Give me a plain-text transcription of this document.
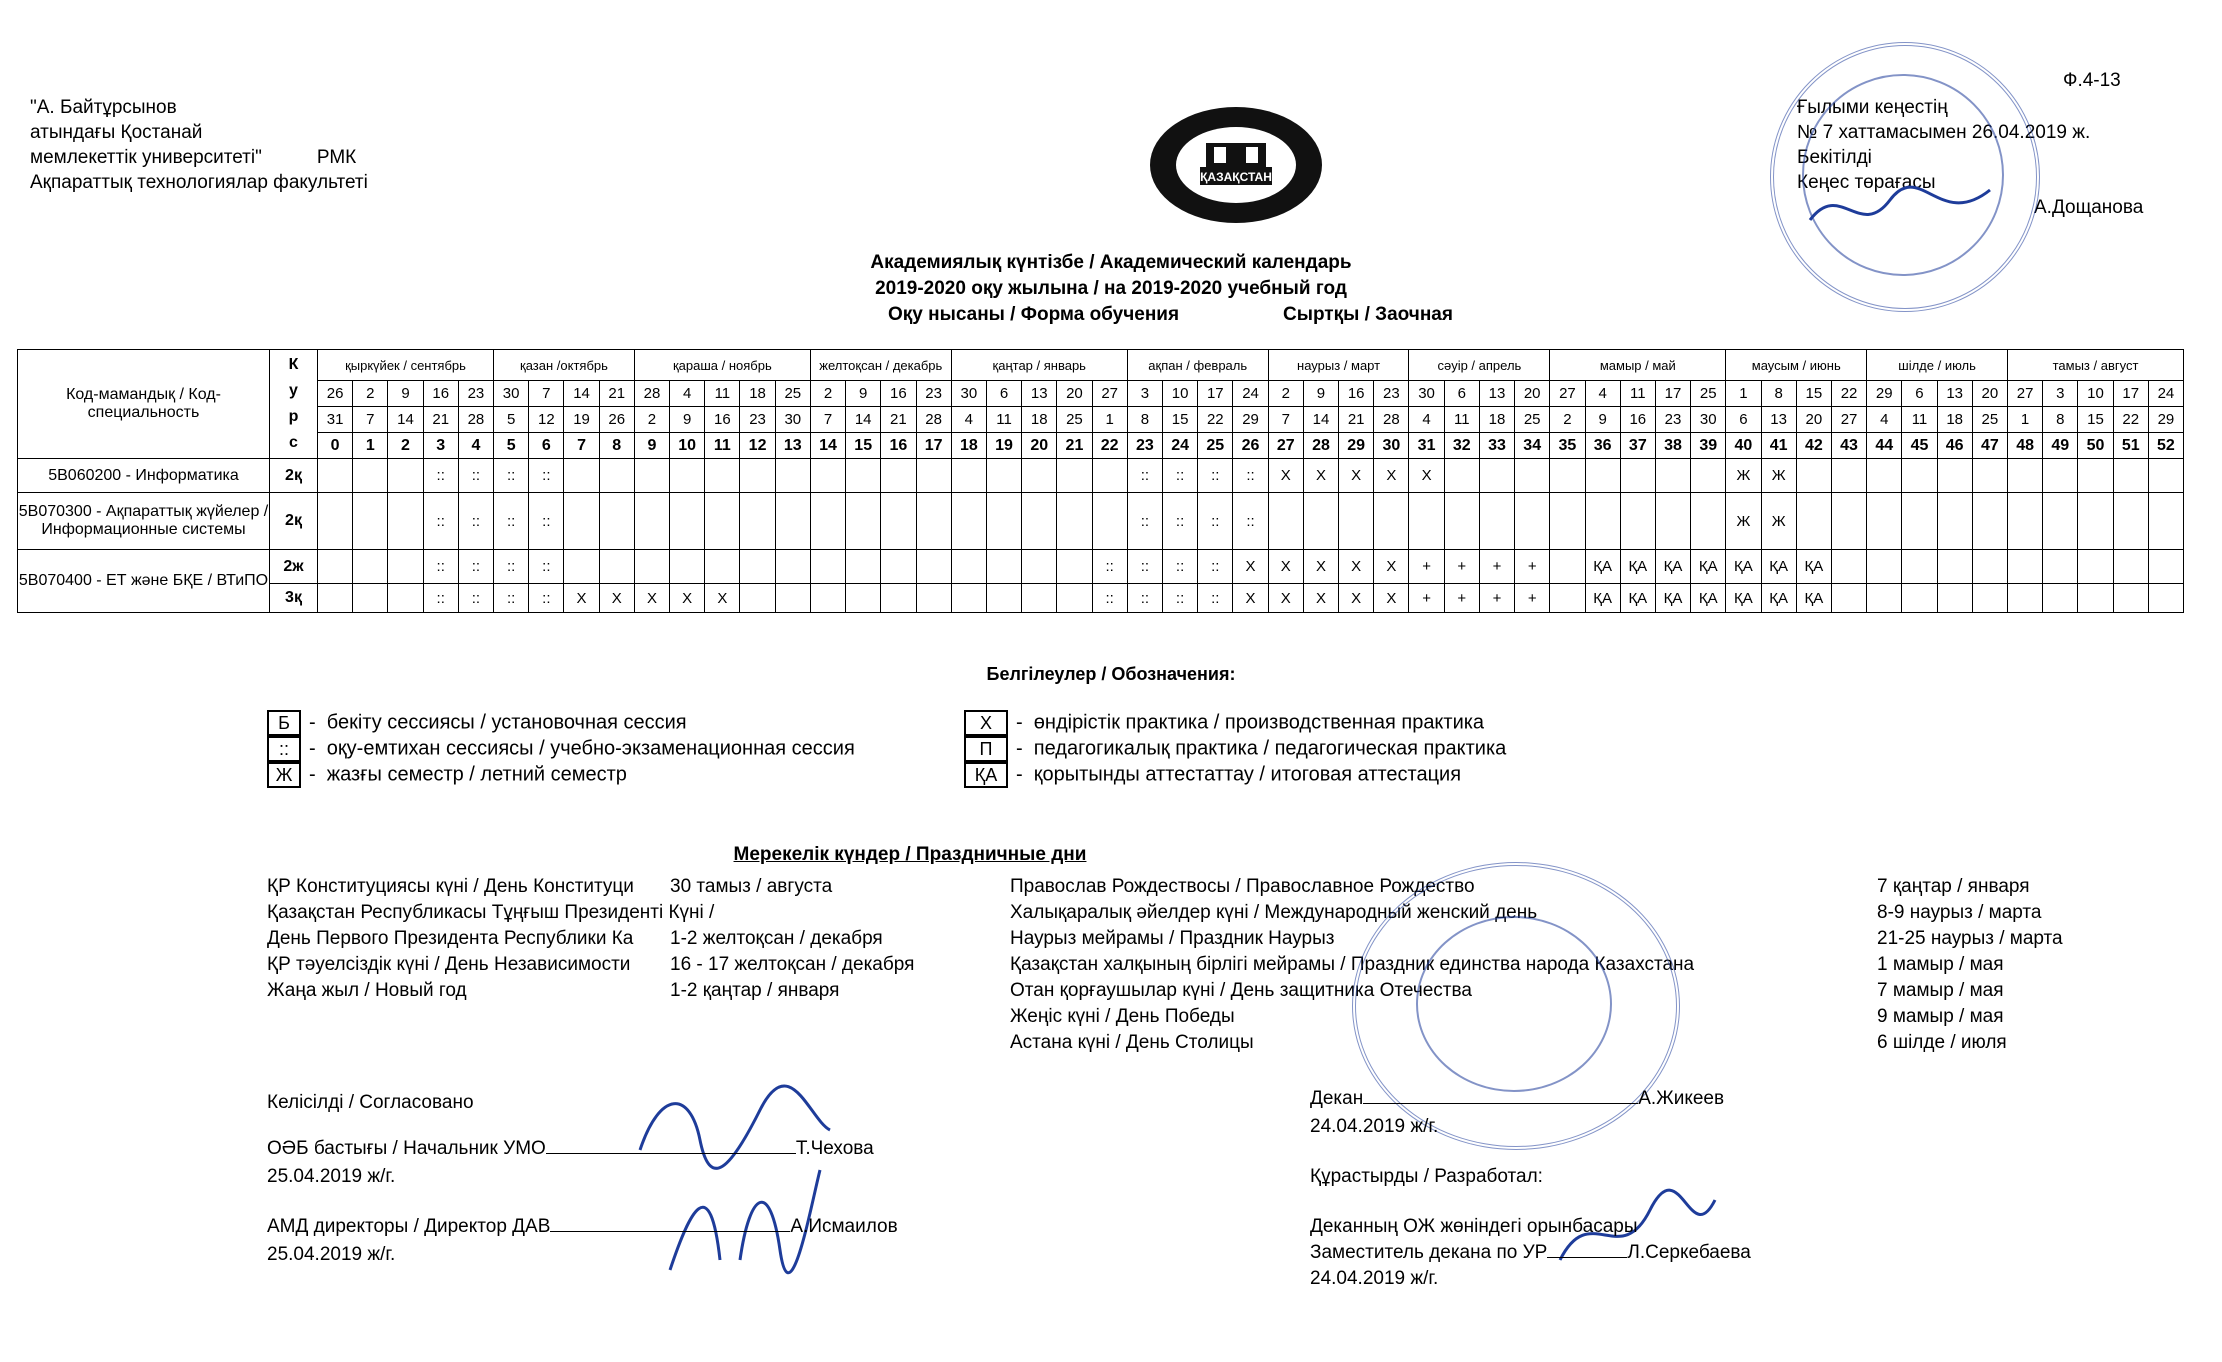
"А. Байтұрсынов
атындағы Қостанай
мемлекеттік университеті"	РМК
Ақпараттық технологиялар факультеті	ҚАЗАҚСТАН
Ф.4-13
Ғылыми кеңестің
№ 7 хаттамасымен 26.04.2019 ж.
Бекітілді
Кеңес төрағасы
А.Дощанова
Академиялық күнтізбе / Академический календарь
2019-2020 оқу жылына / на 2019-2020 учебный год
Оқу нысаны / Форма обучения	Сыртқы / Заочная
Код-мамандық / Код-специальность	К у р с	қыркүйек / сентябрь					қазан /октябрь				қараша / ноябрь					желтоқсан / декабрь				қаңтар / январь					ақпан / февраль				наурыз / март				сәуір / апрель				мамыр / май					маусым / июнь				шілде / июль				тамыз / август				
		26	2	9	16	23	30	7	14	21	28	4	11	18	25	2	9	16	23	30	6	13	20	27	3	10	17	24	2	9	16	23	30	6	13	20	27	4	11	17	25	1	8	15	22	29	6	13	20	27	3	10	17	24
		31	7	14	21	28	5	12	19	26	2	9	16	23	30	7	14	21	28	4	11	18	25	1	8	15	22	29	7	14	21	28	4	11	18	25	2	9	16	23	30	6	13	20	27	4	11	18	25	1	8	15	22	29
		0	1	2	3	4	5	6	7	8	9	10	11	12	13	14	15	16	17	18	19	20	21	22	23	24	25	26	27	28	29	30	31	32	33	34	35	36	37	38	39	40	41	42	43	44	45	46	47	48	49	50	51	52
5В060200 - Информатика	2қ				::	::	::	::																	::	::	::	::	Х	Х	Х	Х	Х									Ж	Ж											
5В070300 - Ақпараттық жүйелер / Информационные системы	2қ				::	::	::	::																	::	::	::	::														Ж	Ж											
5В070400 - ЕТ және БҚЕ / ВТиПО	2ж				::	::	::	::																::	::	::	::	Х	Х	Х	Х	Х	+	+	+	+		ҚА	ҚА	ҚА	ҚА	ҚА	ҚА	ҚА										
	3қ				::	::	::	::	Х	Х	Х	Х	Х											::	::	::	::	Х	Х	Х	Х	Х	+	+	+	+		ҚА	ҚА	ҚА	ҚА	ҚА	ҚА	ҚА										
Белгілеулер / Обозначения:
Б -  бекіту сессиясы / установочная сессия
:: -  оқу-емтихан сессиясы / учебно-экзаменационная сессия
Ж -  жазғы семестр / летний семестр
Х -  өндірістік практика / производственная практика
П -  педагогикалық практика / педагогическая практика
ҚА -  қорытынды аттестаттау / итоговая аттестация
Мерекелік күндер / Праздничные дни
ҚР Конституциясы күні / День Конституци 30 тамыз / августа
Қазақстан Республикасы Тұңғыш Президенті Күні /
День Первого Президента Республики Ка 1-2 желтоқсан / декабря
ҚР тәуелсіздік күні / День Независимости 16 - 17 желтоқсан / декабря
Жаңа жыл / Новый год	1-2 қаңтар / января
Православ Рождествосы / Православное Рождество	7 қаңтар / января
Халықаралық әйелдер күні / Международный женский день	8-9 наурыз / марта
Наурыз мейрамы / Праздник Наурыз	21-25 наурыз / марта
Қазақстан халқының бірлігі мейрамы / Праздник единства народа Казахстана	1 мамыр / мая
Отан қорғаушылар күні / День защитника Отечества	7 мамыр / мая
Жеңіс күні / День Победы	9 мамыр / мая
Астана күні / День Столицы	6 шілде / июля
Келісілді / Согласовано
ОӘБ бастығы / Начальник УМО	Т.Чехова
25.04.2019 ж/г.
АМД директоры / Директор ДАВ	А.Исмаилов
25.04.2019 ж/г.
Декан	А.Жикеев
24.04.2019 ж/г.
Құрастырды / Разработал:
Деканның ОЖ жөніндегі орынбасары
Заместитель декана по УР	Л.Серкебаева
24.04.2019 ж/г.
